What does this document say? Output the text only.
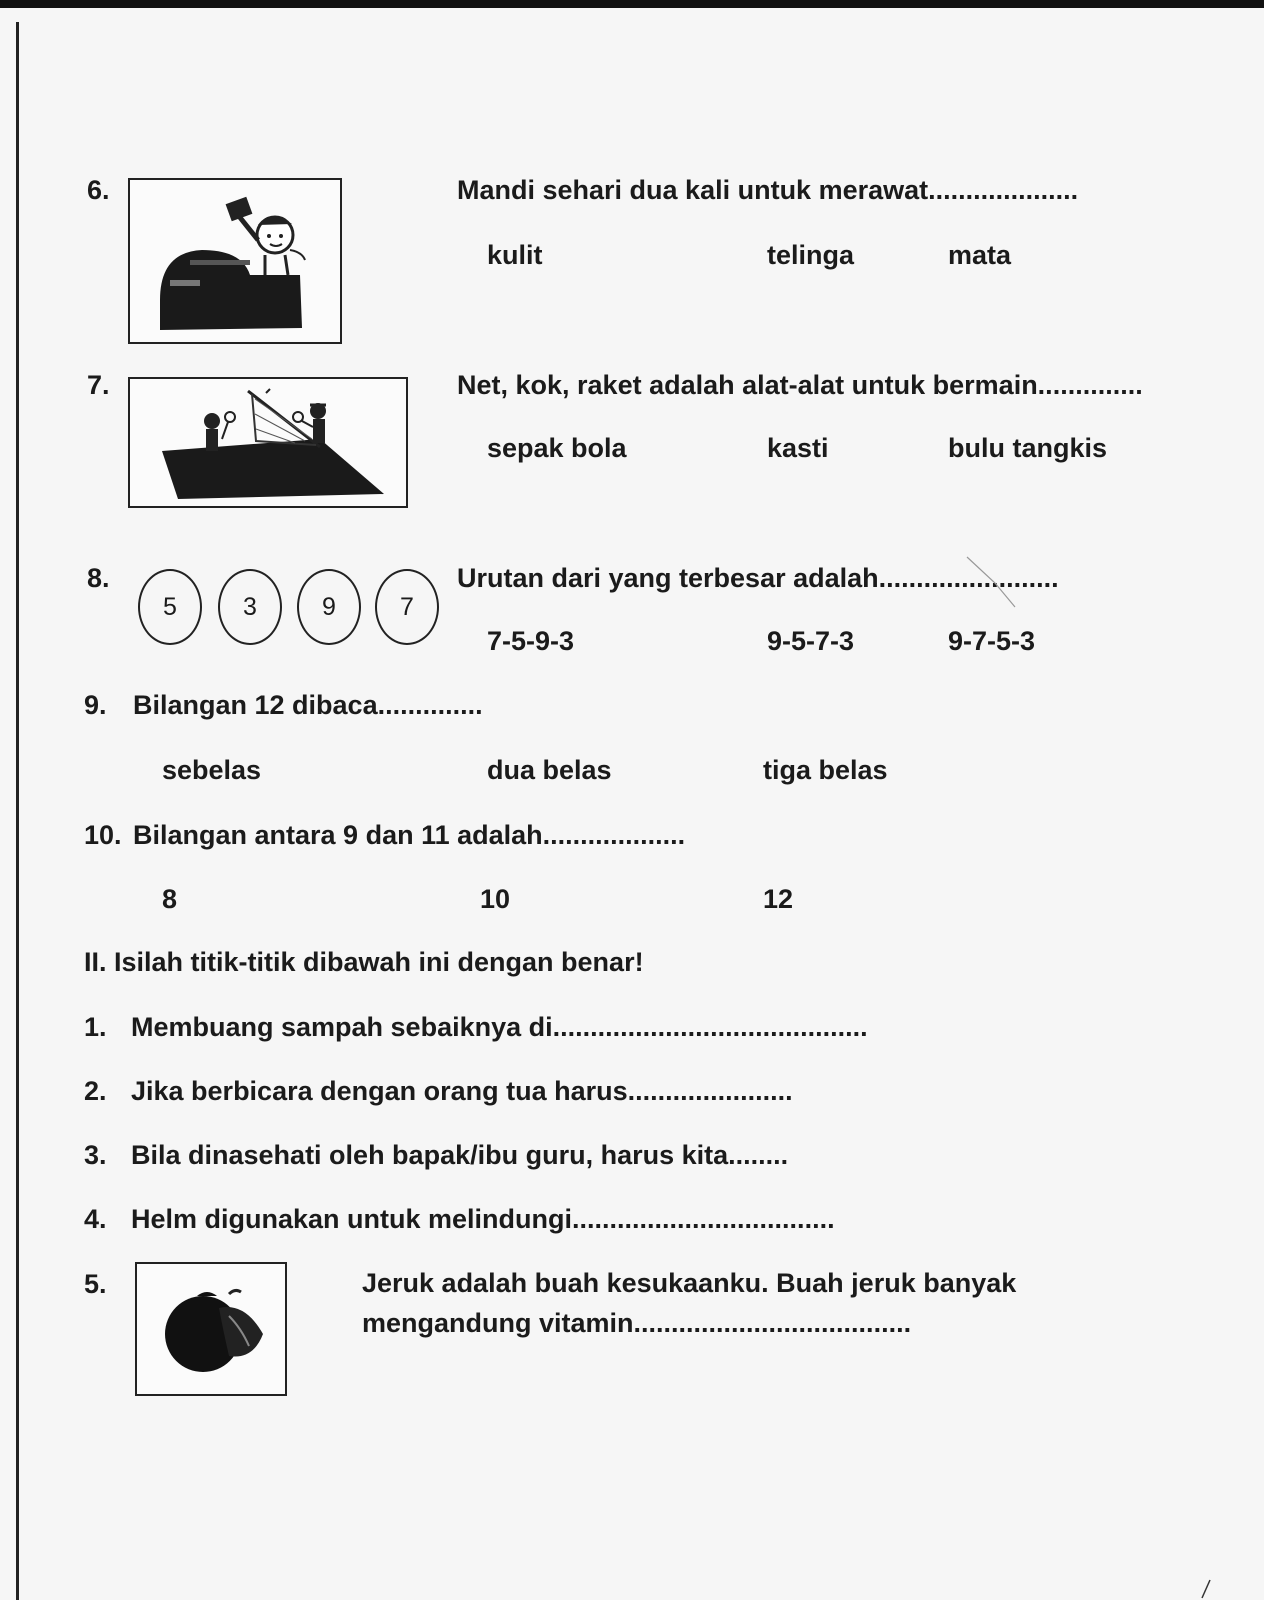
6.	Mandi sehari dua kali untuk merawat....................
kulit	telinga	mata
7.	Net, kok, raket adalah alat-alat untuk bermain..............
sepak bola	kasti	bulu tangkis
8.
5	3	9	7
Urutan dari yang terbesar adalah........................
7-5-9-3	9-5-7-3	9-7-5-3
9. Bilangan 12 dibaca..............
sebelas	dua belas	tiga belas
10. Bilangan antara 9 dan 11 adalah...................
8	10	12
II. Isilah titik-titik dibawah ini dengan benar!
1. Membuang sampah sebaiknya di..........................................
2. Jika berbicara dengan orang tua harus......................
3. Bila dinasehati oleh bapak/ibu guru, harus kita........
4. Helm digunakan untuk melindungi...................................
5.	Jeruk adalah buah kesukaanku. Buah jeruk banyak
mengandung vitamin.....................................
